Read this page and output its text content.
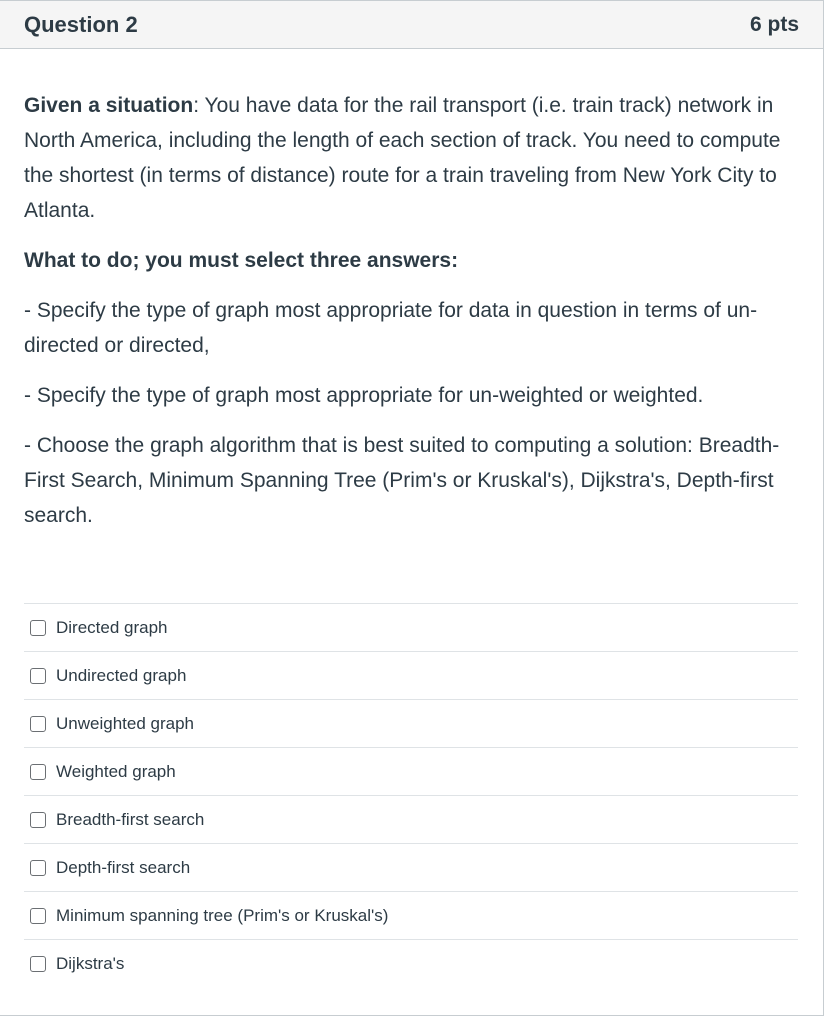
Question 2	6 pts

Given a situation: You have data for the rail transport (i.e. train track) network in North America, including the length of each section of track. You need to compute the shortest (in terms of distance) route for a train traveling from New York City to Atlanta.

What to do; you must select three answers:

- Specify the type of graph most appropriate for data in question in terms of un-directed or directed,

- Specify the type of graph most appropriate for un-weighted or weighted.

- Choose the graph algorithm that is best suited to computing a solution: Breadth-First Search, Minimum Spanning Tree (Prim's or Kruskal's), Dijkstra's, Depth-first search.

Directed graph
Undirected graph
Unweighted graph
Weighted graph
Breadth-first search
Depth-first search
Minimum spanning tree (Prim's or Kruskal's)
Dijkstra's
